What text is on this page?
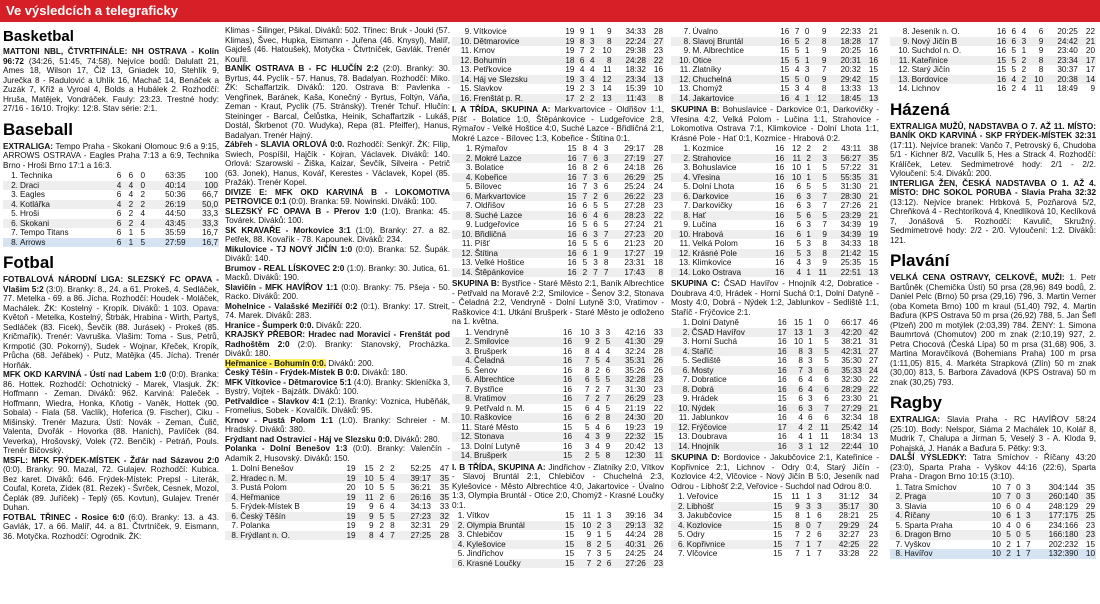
Ve výsledcích a telegraficky
Basketbal

MATTONI NBL, ČTVRTFINÁLE: NH OSTRAVA - Kolín 96:72 (34:26, 51:45, 74:58). Nejvíce bodů: Dalulatt 21, Ames 18, Wilson 17, Čiž 13, Gniadek 10, Stehlík 9, Jurečka 8 - Radulović a Uhlík 16, Machač 14, Benáček a Zuzák 7, Kříž a Vyroal 4, Bolds a Hubálek 2. Rozhodčí: Hruša, Matějek, Vondráček. Fauly: 23:23. Trestné hody: 27/16 - 16/10. Trojky: 12:8. Stav série: 2:1.

Baseball

EXTRALIGA: Tempo Praha - Skokani Olomouc 9:6 a 9:15, ARROWS OSTRAVA - Eagles Praha 7:13 a 6:9, Technika Brno - Hroši Brno 17:1 a 16:3.

1.	Technika	6	6	0	63:35	100
2.	Draci	4	4	0	40:14	100
3.	Eagles	6	4	2	50:36	66,7
4.	Kotlářka	4	2	2	26:19	50,0
5.	Hroši	6	2	4	44:50	33,3
6.	Skokani	6	2	4	43:45	33,3
7.	Tempo Titans	6	1	5	35:59	16,7
8.	Arrows	6	1	5	27:59	16,7
Fotbal

FOTBALOVÁ NÁRODNÍ LIGA: SLEZSKÝ FC OPAVA - Vlašim 5:2 (3:0). Branky: 8., 24. a 61. Prokeš, 4. Sedláček, 77. Metelka - 69. a 86. Jícha. Rozhodčí: Houdek - Moláček, Machálek. ŽK: Kostelný - Kropík. Diváků: 1 103. Opava: Květoň - Metelka, Kostelný, Štrbák, Hrabina - Wirth, Partyš, Sedláček (83. Ficek), Ševčík (88. Jurásek) - Prokeš (85. Kričmařík). Trenér: Vavruška. Vlašim: Toma - Sus, Petrů, Krmpotić (30. Pokorný), Sudek - Wojnar, Křeček, Kropík, Průcha (68. Jeřábek) - Putz, Matějka (45. Jícha). Trenér Horňák.

MFK OKD KARVINÁ - Ústí nad Labem 1:0 (0:0). Branka: 86. Hottek. Rozhodčí: Ochotnický - Marek, Vlasjuk. ŽK: Hoffmann - Zeman. Diváků: 962. Karviná: Paleček - Hoffmann, Wiedra, Honka, Kňotig - Vaněk, Hottek (90. Sobala) - Fiala (58. Vaclík), Hoferica (9. Fischer), Ciku - Mišinský. Trenér Mazura. Ústí: Novák - Zeman, Čulič, Valenta, Dvořák - Hovorka (88. Hanich), Pavlíček (84. Veverka), Hrošovský, Volek (72. Benčík) - Petráň, Pouls. Trenér Bičovský.

MSFL: MFK FRÝDEK-MÍSTEK - Žďár nad Sázavou 2:0 (0:0). Branky: 90. Mazal, 72. Gulajev. Rozhodčí: Kubica. Bez karet. Diváků: 646. Frýdek-Místek: Prepsl - Literák, Coufal, Koreta, Zídek (81. Řezek) - Švrček, Cesnek, Mozol, Čeplák (89. Juříček) - Teplý (65. Kovtun), Gulajev. Trenér Duhan.

FOTBAL TŘINEC - Rosice 6:0 (6:0). Branky: 13. a 43. Gavlák, 17. a 66. Malíř, 44. a 81. Čtvrtníček, 9. Eismann, 36. Motyčka. Rozhodčí: Ogrodnik. ŽK:

Klimas - Šilinger, Pšikal. Diváků: 502. Třinec: Bruk - Jouki (57. Klimas), Švec, Hupka, Eismann - Juřena (46. Knysyl), Malíř, Gajdeš (46. Hatoušek), Motyčka - Čtvrtníček, Gavlák. Trenér Kouřil.

BANÍK OSTRAVA B - FC HLUČÍN 2:2 (2:0). Branky: 30. Byrtus, 44. Pyclík - 57. Hanus, 78. Badalyan. Rozhodčí: Miko. ŽK: Schaffartzik. Diváků: 120. Ostrava B: Pavlenka - Vengřinek, Baránek, Kaša, Konečný - Byrtus, Foltýn, Váňa, Zeman - Kraut, Pyclík (75. Stránský). Trenér Tchuř. Hlučín: Steininger - Barcal, Čelůstka, Heinik, Schaffartzik - Lukáš, Dostál, Škrbenot (70. Wudyka), Repa (81. Pfeiffer), Hanus, Badalyan. Trenér Hajný.

Zábřeh - SLAVIA ORLOVÁ 0:0. Rozhodčí: Senkýř. ŽK: Filip, Swiech, Pospíšil, Hajčík - Kojran, Václavek. Diváků: 140. Orlová: Szarowski - Žiška, Kaizar, Ševčík, Silveira - Petrič (63. Jonek), Hanus, Kovář, Kerestes - Václavek, Kopel (85. Pražák). Trenér Kopel.

DIVIZE E: MFK OKD KARVINÁ B - LOKOMOTIVA PETROVICE 0:1 (0:0). Branka: 59. Nowinski. Diváků: 100.

SLEZSKÝ FC OPAVA B - Přerov 1:0 (1:0). Branka: 45. Továrek. Diváků: 100.

SK KRAVAŘE - Morkovice 3:1 (1:0). Branky: 27. a 82. Petřek, 88. Kovařík - 78. Kapounek. Diváků: 234.

Mikulovice - TJ NOVÝ JIČÍN 1:0 (0:0). Branka: 52. Šupák. Diváků: 140.

Brumov - REAL LÍSKOVEC 2:0 (1:0). Branky: 30. Jutica, 61. Macků. Diváků: 190.

Slavičín - MFK HAVÍŘOV 1:1 (0:0). Branky: 75. Pšeja - 50. Racko. Diváků: 200.

Mohelnice - Valašské Meziříčí 0:2 (0:1). Branky: 17. Streit, 74. Marek. Diváků: 283.

Hranice - Šumperk 0:0. Diváků: 220.

KRAJSKÝ PŘEBOR: Hradec nad Moravicí - Frenštát pod Radhoštěm 2:0 (2:0). Branky: Stanovský, Procházka. Diváků: 180.

Heřmanice - Bohumín 0:0. Diváků: 200.

Český Těšín - Frýdek-Místek B 0:0. Diváků: 180.

MFK Vítkovice - Dětmarovice 5:1 (4:0). Branky: Skleníčka 3, Bystrý, Vojtek - Bajzátk. Diváků: 100.

Petřvaldice - Slavkov 4:1 (2:1). Branky: Voznica, Huběňák, Fromelius, Sobek - Kovalčík. Diváků: 95.

Krnov - Pustá Polom 1:1 (1:0). Branky: Schreier - M. Hradský. Diváků: 380.

Frýdlant nad Ostravicí - Háj ve Slezsku 0:0. Diváků: 280.

Polanka - Dolní Benešov 1:3 (0:0). Branky: Valenčín - Adamík 2, Husovský. Diváků: 150.

1.	Dolní Benešov	19	15	2	2	52:25	47
2.	Hradec n. M.	19	10	5	4	39:17	35
3.	Pustá Polom	20	10	5	5	36:21	35
4.	Heřmanice	19	11	2	6	26:16	35
5.	Frýdek-Místek B	19	9	6	4	34:13	33
6.	Český Těšín	19	9	5	5	27:23	32
7.	Polanka	19	9	2	8	32:31	29
8.	Frýdlant n. O.	19	8	4	7	27:25	28
9.	Vítkovice	19	9	1	9	34:33	28
10.	Dětmarovice	19	8	3	8	22:24	27
11.	Krnov	19	7	2	10	29:38	23
12.	Bohumín	18	6	4	8	24:28	22
13.	Petřkovice	19	4	4	11	18:32	16
14.	Háj ve Slezsku	19	3	4	12	23:34	13
15.	Slavkov	19	2	3	14	15:39	10
16.	Frenštát p. R.	17	2	2	13	11:43	8

I. A TŘÍDA, SKUPINA A: Markvartovice - Oldřišov 1:1, Píšť - Bolatice 1:0, Štěpánkovice - Ludgeřovice 2:8, Rýmařov - Velké Hoštice 4:0, Suché Lazce - Břidličná 2:1, Mokré Lazce - Bílovec 1:3, Kobeřice - Štítina 0:1.

1.	Rýmařov	15	8	4	3	29:17	28
2.	Mokré Lazce	16	7	6	3	27:19	27
3.	Bolatice	16	8	2	6	24:18	26
4.	Kobeřice	16	7	3	6	26:29	25
5.	Bílovec	16	7	3	6	25:24	24
6.	Markvartovice	15	7	2	6	26:22	23
7.	Oldřišov	16	6	5	5	27:28	23
8.	Suché Lazce	16	6	4	6	28:23	22
9.	Ludgeřovice	16	5	6	5	27:24	21
10.	Břidličná	16	6	3	7	27:23	20
11.	Píšť	16	5	5	6	21:23	20
12.	Štítina	16	6	1	9	17:27	19
13.	Velké Hoštice	16	5	3	8	23:31	18
14.	Štěpánkovice	16	2	7	7	17:43	8

SKUPINA B: Bystřice - Staré Město 2:1, Baník Albrechtice - Petřvald na Moravě 2:2, Smilovice - Šenov 3:2, Stonava - Čeladná 2:2, Vendryně - Dolní Lutyně 3:0, Vratimov - Raškovice 4:1. Utkání Brušperk - Staré Město je odloženo na 1. května.

1.	Vendryně	16	10	3	3	42:16	33
2.	Smilovice	16	9	2	5	41:30	29
3.	Brušperk	16	8	4	4	32:24	28
4.	Čeladná	16	7	5	4	35:31	26
5.	Šenov	16	8	2	6	35:26	26
6.	Albrechtice	16	6	5	5	32:28	23
7.	Bystřice	16	7	2	7	31:30	23
8.	Vratimov	16	7	2	7	26:29	23
9.	Petřvald n. M.	15	6	4	5	21:19	22
10.	Raškovice	16	6	2	8	24:30	20
11.	Staré Město	15	5	4	6	19:23	19
12.	Stonava	16	4	3	9	22:32	15
13.	Dolní Lutyně	16	3	4	9	20:42	13
14.	Brušperk	15	2	5	8	12:30	11

I. B TŘÍDA, SKUPINA A: Jindřichov - Zlatníky 2:0, Vítkov - Slavoj Bruntál 2:1, Chlebičov - Chuchelná 2:3, Kylešovice - Město Albrechtice 4:0, Jakartovice - Úvalno 1:3, Olympia Bruntál - Otice 2:0, Chomýž - Krasné Loučky 0:1.

1.	Vítkov	15	11	1	3	39:16	34
2.	Olympia Bruntál	15	10	2	3	29:13	32
3.	Chlebičov	15	9	1	5	44:24	28
4.	Kylešovice	15	8	2	5	40:31	26
5.	Jindřichov	15	7	3	5	24:25	24
6.	Krasné Loučky	15	7	2	6	27:26	23
7.	Úvalno	16	7	0	9	22:33	21
8.	Slavoj Bruntál	16	5	2	8	18:28	17
9.	M. Albrechtice	15	5	1	9	20:25	16
10.	Otice	15	5	1	9	20:31	16
11.	Zlatníky	15	4	3	7	20:32	15
12.	Chuchelná	15	5	0	9	29:42	15
13.	Chomýž	15	3	4	8	13:33	13
14.	Jakartovice	16	4	1	12	18:45	13

SKUPINA B: Bohuslavice - Darkovice 0:1, Darkovičky - Vřesina 4:2, Velká Polom - Lučina 1:1, Strahovice - Lokomotiva Ostrava 7:1, Klimkovice - Dolní Lhota 1:1, Krásné Pole - Hať 0:1, Kozmice - Hrabová 0:2.

1.	Kozmice	16	12	2	2	43:11	38
2.	Strahovice	16	11	2	3	56:27	35
3.	Bohuslavice	16	10	1	5	57:22	31
4.	Vřesina	16	10	1	5	55:35	31
5.	Dolní Lhota	16	6	5	5	31:30	21
6.	Darkovice	16	6	3	7	28:30	21
7.	Darkovičky	16	6	3	7	27:26	21
8.	Hať	16	5	6	5	23:29	21
9.	Lučina	16	6	3	7	34:39	19
10.	Hrabová	16	6	1	9	34:39	19
11.	Velká Polom	16	5	3	8	34:33	18
12.	Krásné Pole	16	5	3	8	21:42	15
13.	Klimkovice	16	4	3	9	25:35	15
14.	Loko Ostrava	16	4	1	11	22:51	13

SKUPINA C: ČSAD Havířov - Hnojník 4:2, Dobratice - Doubrava 4:0, Hrádek - Horní Suchá 0:1, Dolní Datyně - Mosty 4:0, Dobrá - Nýdek 1:2, Jablunkov - Sedliště 1:1, Staříč - Frýčovice 2:1.

1.	Dolní Datyně	16	15	1	0	66:17	46
2.	ČSAD Havířov	17	13	1	3	42:20	42
3.	Horní Suchá	16	10	1	5	38:21	31
4.	Staříč	16	8	3	5	42:31	27
5.	Sedliště	16	8	3	5	35:30	27
6.	Mosty	16	7	3	6	35:33	24
7.	Dobratice	16	6	4	6	32:30	22
8.	Dobrá	16	6	4	6	28:29	22
9.	Hrádek	15	6	3	6	23:30	21
10.	Nýdek	16	6	3	7	27:29	21
11.	Jablunkov	16	4	6	6	32:34	18
12.	Frýčovice	17	4	2	11	25:42	14
13.	Doubrava	16	4	1	11	18:34	13
14.	Hnojník	16	3	1	12	22:44	10

SKUPINA D: Bordovice - Jakubčovice 2:1, Kateřinice - Kopřivnice 2:1, Lichnov - Odry 0:4, Starý Jičín - Kozlovice 4:2, Vlčovice - Nový Jičín B 5:0, Jeseník nad Odrou - Libhošť 2:2, Veřovice - Suchdol nad Odrou 8:0.

1.	Veřovice	15	11	1	3	31:12	34
2.	Libhošť	15	9	3	3	35:17	30
3.	Jakubčovice	15	8	1	6	28:21	25
4.	Kozlovice	15	8	0	7	29:29	24
5.	Odry	15	7	2	6	32:27	23
6.	Kopřivnice	15	7	1	7	42:25	22
7.	Vlčovice	15	7	1	7	33:28	22
8.	Jeseník n. O.	16	6	4	6	20:25	22
9.	Nový Jičín B	16	6	3	9	24:42	21
10.	Suchdol n. O.	16	5	1	9	23:40	20
11.	Kateřinice	15	5	2	8	23:34	17
12.	Starý Jičín	15	5	2	8	30:37	17
13.	Bordovice	16	4	2	10	20:38	14
14.	Lichnov	16	2	4	11	18:49	9
Házená

EXTRALIGA MUŽŮ, NADSTAVBA O 7. AŽ 11. MÍSTO: BANÍK OKD KARVINÁ - SKP FRÝDEK-MÍSTEK 32:31 (17:11). Nejvíce branek: Vančo 7, Petrovský 6, Chudoba 5/1 - Kichner 8/2, Vaculík 5, Hes a Strack 4. Rozhodčí: Králíček, Letev. Sedmimetrové hody: 2/1 - 2/2. Vyloučení: 5:4. Diváků: 200.

INTERLIGA ŽEN, ČESKÁ NADSTAVBA O 1. AŽ 4. MÍSTO: DHC SOKOL PORUBA - Slavia Praha 32:32 (13:12). Nejvíce branek: Hrbková 5, Pozňarová 5/2, Chreňková 4 - Rechtoríková 4, Knedlíková 10, Keclíková 7, Jonášová 5. Rozhodčí: Kavulič, Skružný. Sedmimetrové hody: 2/2 - 2/0. Vyloučení: 1:2. Diváků: 121.

Plavání

VELKÁ CENA OSTRAVY, CELKOVĚ, MUŽI: 1. Petr Bartůněk (Chemička Ústí) 50 prsa (28,96) 849 bodů, 2. Daniel Pelc (Brno) 50 prsa (29,16) 796, 3. Martin Verner (oba Kometa Brno) 100 m kraul (51,40) 792, 4. Martin Baďura (KPS Ostrava 50 m prsa (26,92) 788, 5. Jan Šefl (Plzeň) 200 m motýlek (2:03,39) 784. ŽENY: 1. Simona Baumrtová (Chomutov) 200 m znak (2:10,19) 927, 2. Petra Chocová (Česká Lípa) 50 m prsa (31,68) 906, 3. Martina Moravčíková (Bohemians Praha) 100 m prsa (1:11,05) 815, 4. Markéta Strapková (Zlín) 50 m znak (30,00) 813, 5. Barbora Závadová (KPS Ostrava) 50 m znak (30,25) 793.

Ragby

EXTRALIGA: Slavia Praha - RC HAVÍŘOV 58:24 (25:10). Body: Nelspor, Siáma 2 Machálek 10, Kolář 8, Mudrik 7, Chalupa a Jirman 5, Veselý 3 - A. Kloda 9, Pohajská, J. Hanák a Baďura 5. Pětky: 9:3.

DALŠÍ VÝSLEDKY: Tatra Smíchov - Říčany 43:20 (23:0), Sparta Praha - Vyškov 44:16 (22:6), Sparta Praha - Dragon Brno 10:15 (3:10).

1.	Tatra Smíchov	10	7	0	3	304:144	35
2.	Praga	10	7	0	3	260:140	35
3.	Slavia	10	6	0	4	248:129	29
4.	Říčany	10	6	1	3	177:175	25
5.	Sparta Praha	10	4	0	6	234:166	23
6.	Dragon Brno	10	5	0	5	166:180	23
7.	Vyškov	10	2	1	7	202:232	15
8.	Havířov	10	2	1	7	132:390	10
